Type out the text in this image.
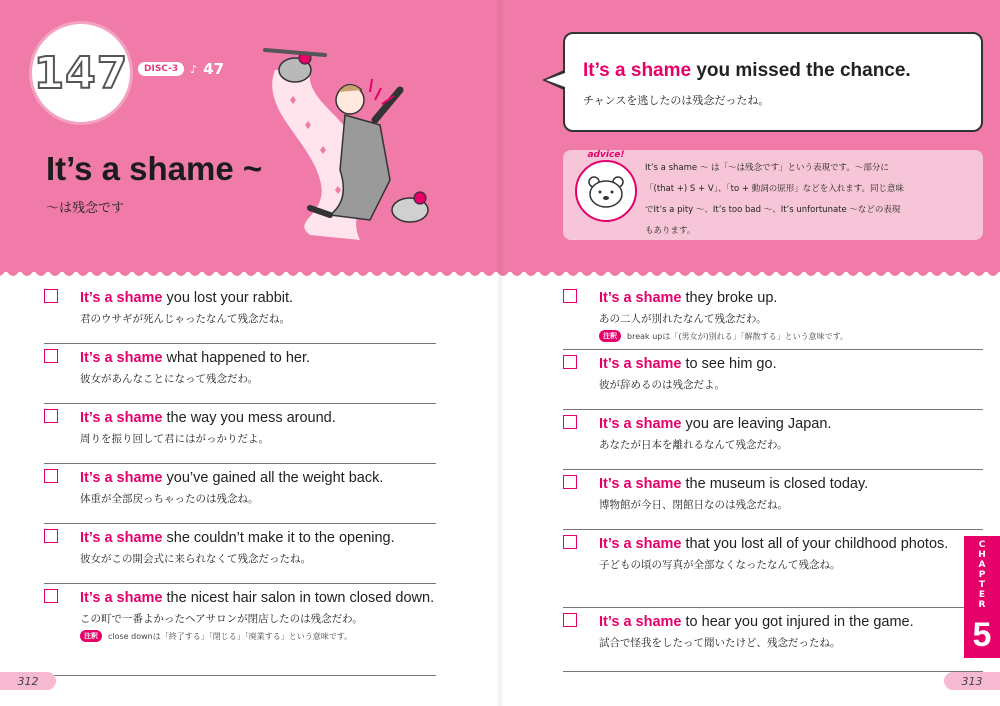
147	DISC-3	♪ 47
It’s a shame ~
～は残念です
It’s a shame you missed the chance.
チャンスを逃したのは残念だったね。
advice!
It’s a shame ～ は「～は残念です」という表現です。～部分に
「(that +) S + V」、「to + 動詞の原形」などを入れます。同じ意味
でIt’s a pity ～、It’s too bad ～、It’s unfortunate ～などの表現
もあります。
It’s a shame you lost your rabbit.
君のウサギが死んじゃったなんて残念だね。
It’s a shame what happened to her.
彼女があんなことになって残念だわ。
It’s a shame the way you mess around.
周りを振り回して君にはがっかりだよ。
It’s a shame you’ve gained all the weight back.
体重が全部戻っちゃったのは残念ね。
It’s a shame she couldn’t make it to the opening.
彼女がこの開会式に来られなくて残念だったね。
It’s a shame the nicest hair salon in town closed down.
この町で一番よかったヘアサロンが閉店したのは残念だわ。
注釈	close downは「終了する」「閉じる」「廃業する」という意味です。
It’s a shame they broke up.
あの二人が別れたなんて残念だわ。
注釈	break upは「(男女が)別れる」「解散する」という意味です。
It’s a shame to see him go.
彼が辞めるのは残念だよ。
It’s a shame you are leaving Japan.
あなたが日本を離れるなんて残念だわ。
It’s a shame the museum is closed today.
博物館が今日、閉館日なのは残念だね。
It’s a shame that you lost all of your childhood photos.
子どもの頃の写真が全部なくなったなんて残念ね。
It’s a shame to hear you got injured in the game.
試合で怪我をしたって聞いたけど、残念だったね。
312	313
C
H
A
P
T
E
R
5
